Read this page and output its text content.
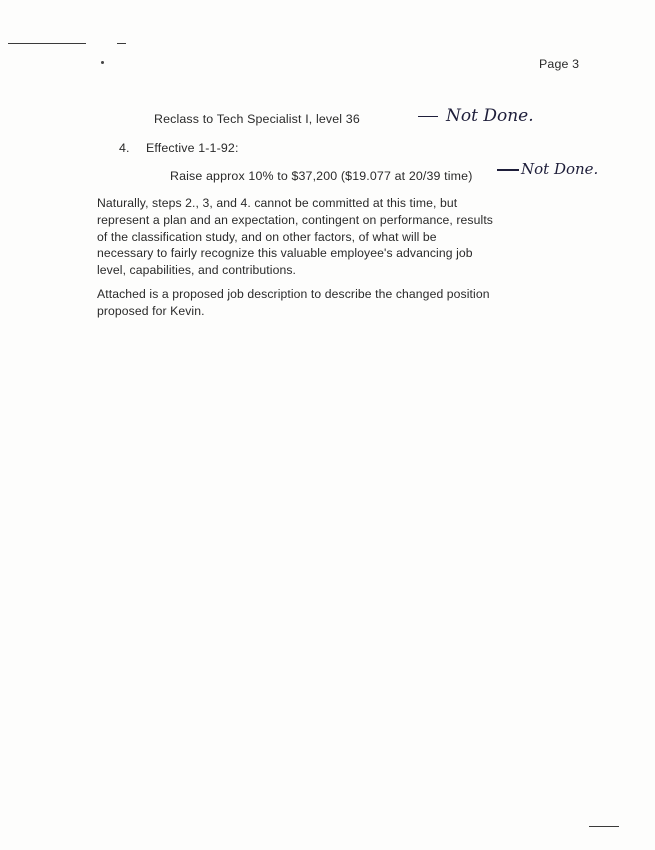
Page 3
Reclass to Tech Specialist I, level 36	Not Done.
4. Effective 1-1-92:
Raise approx 10% to $37,200 ($19.077 at 20/39 time)	Not Done.
Naturally, steps 2., 3, and 4. cannot be committed at this time, but
represent a plan and an expectation, contingent on performance, results
of the classification study, and on other factors, of what will be
necessary to fairly recognize this valuable employee's advancing job
level, capabilities, and contributions.
Attached is a proposed job description to describe the changed position
proposed for Kevin.
